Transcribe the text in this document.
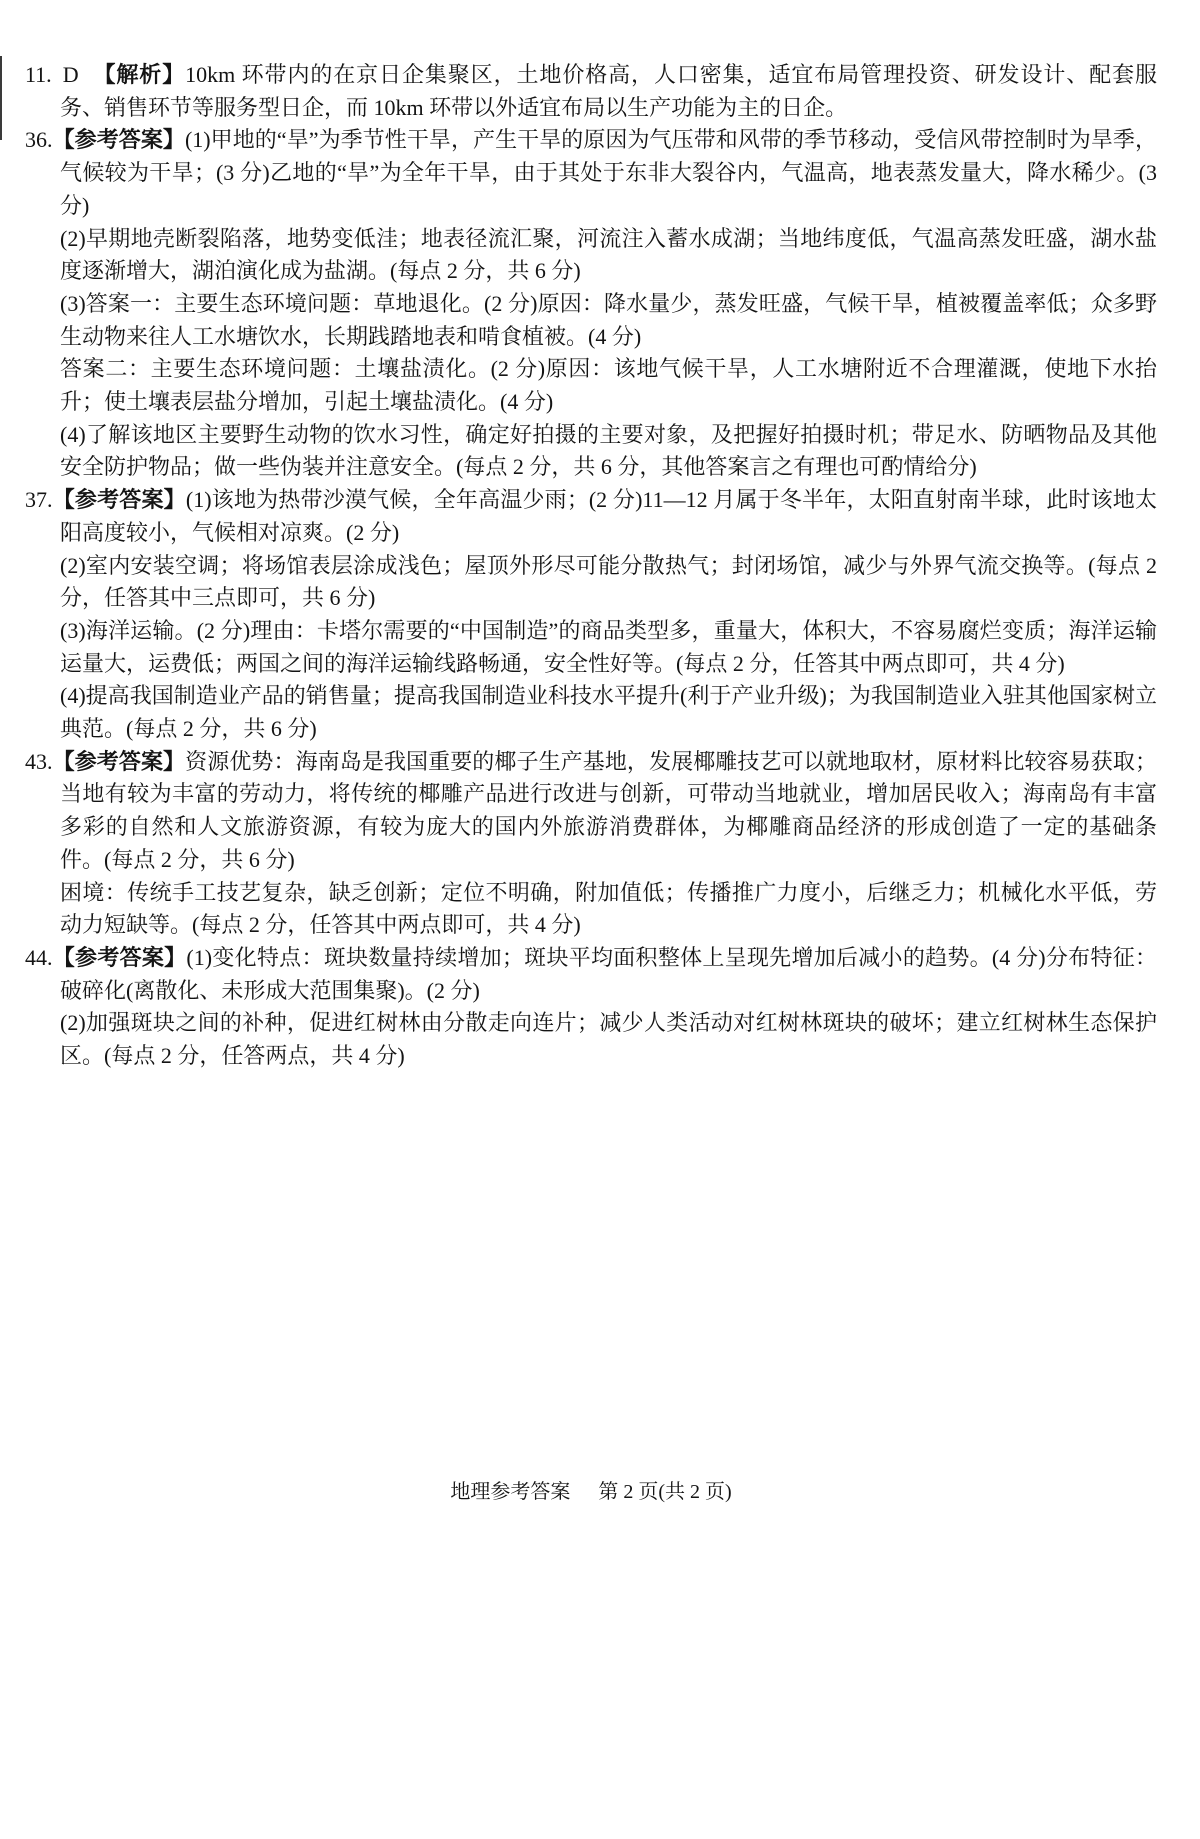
11. D 【解析】10km 环带内的在京日企集聚区，土地价格高，人口密集，适宜布局管理投资、研发设计、配套服务、销售环节等服务型日企，而 10km 环带以外适宜布局以生产功能为主的日企。

36.【参考答案】(1)甲地的“旱”为季节性干旱，产生干旱的原因为气压带和风带的季节移动，受信风带控制时为旱季，气候较为干旱；(3 分)乙地的“旱”为全年干旱，由于其处于东非大裂谷内，气温高，地表蒸发量大，降水稀少。(3 分)

(2)早期地壳断裂陷落，地势变低洼；地表径流汇聚，河流注入蓄水成湖；当地纬度低，气温高蒸发旺盛，湖水盐度逐渐增大，湖泊演化成为盐湖。(每点 2 分，共 6 分)

(3)答案一：主要生态环境问题：草地退化。(2 分)原因：降水量少，蒸发旺盛，气候干旱，植被覆盖率低；众多野生动物来往人工水塘饮水，长期践踏地表和啃食植被。(4 分)

答案二：主要生态环境问题：土壤盐渍化。(2 分)原因：该地气候干旱，人工水塘附近不合理灌溉，使地下水抬升；使土壤表层盐分增加，引起土壤盐渍化。(4 分)

(4)了解该地区主要野生动物的饮水习性，确定好拍摄的主要对象，及把握好拍摄时机；带足水、防晒物品及其他安全防护物品；做一些伪装并注意安全。(每点 2 分，共 6 分，其他答案言之有理也可酌情给分)

37.【参考答案】(1)该地为热带沙漠气候，全年高温少雨；(2 分)11—12 月属于冬半年，太阳直射南半球，此时该地太阳高度较小，气候相对凉爽。(2 分)

(2)室内安装空调；将场馆表层涂成浅色；屋顶外形尽可能分散热气；封闭场馆，减少与外界气流交换等。(每点 2 分，任答其中三点即可，共 6 分)

(3)海洋运输。(2 分)理由：卡塔尔需要的“中国制造”的商品类型多，重量大，体积大，不容易腐烂变质；海洋运输运量大，运费低；两国之间的海洋运输线路畅通，安全性好等。(每点 2 分，任答其中两点即可，共 4 分)

(4)提高我国制造业产品的销售量；提高我国制造业科技水平提升(利于产业升级)；为我国制造业入驻其他国家树立典范。(每点 2 分，共 6 分)

43.【参考答案】资源优势：海南岛是我国重要的椰子生产基地，发展椰雕技艺可以就地取材，原材料比较容易获取；当地有较为丰富的劳动力，将传统的椰雕产品进行改进与创新，可带动当地就业，增加居民收入；海南岛有丰富多彩的自然和人文旅游资源，有较为庞大的国内外旅游消费群体，为椰雕商品经济的形成创造了一定的基础条件。(每点 2 分，共 6 分)

困境：传统手工技艺复杂，缺乏创新；定位不明确，附加值低；传播推广力度小，后继乏力；机械化水平低，劳动力短缺等。(每点 2 分，任答其中两点即可，共 4 分)

44.【参考答案】(1)变化特点：斑块数量持续增加；斑块平均面积整体上呈现先增加后减小的趋势。(4 分)分布特征：破碎化(离散化、未形成大范围集聚)。(2 分)

(2)加强斑块之间的补种，促进红树林由分散走向连片；减少人类活动对红树林斑块的破坏；建立红树林生态保护区。(每点 2 分，任答两点，共 4 分)

地理参考答案 第 2 页(共 2 页)
